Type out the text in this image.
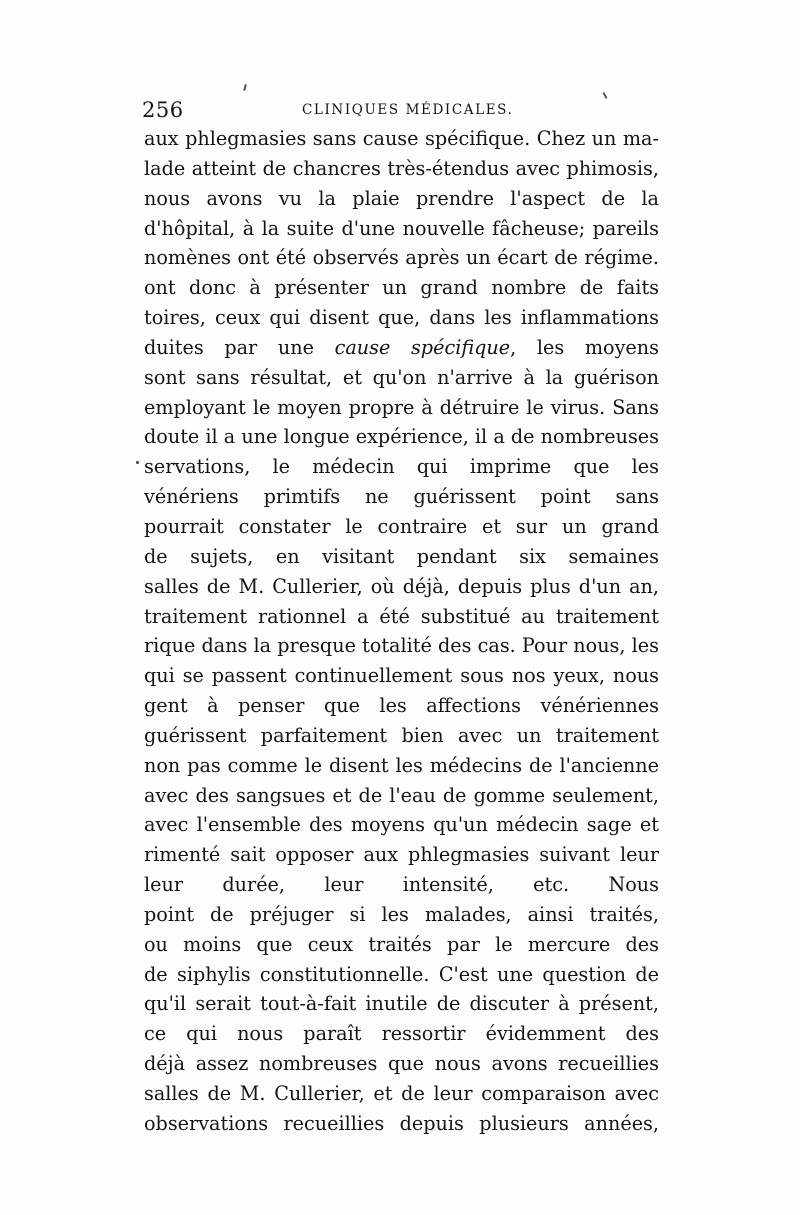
256	CLINIQUES MÉDICALES.
aux phlegmasies sans cause spécifique. Chez un ma-
lade atteint de chancres très-étendus avec phimosis,
nous avons vu la plaie prendre l'aspect de la
d'hôpital, à la suite d'une nouvelle fâcheuse; pareils
nomènes ont été observés après un écart de régime.
ont donc à présenter un grand nombre de faits
toires, ceux qui disent que, dans les inflammations
duites par une cause spécifique, les moyens
sont sans résultat, et qu'on n'arrive à la guérison
employant le moyen propre à détruire le virus. Sans
doute il a une longue expérience, il a de nombreuses
servations, le médecin qui imprime que les
vénériens primtifs ne guérissent point sans
pourrait constater le contraire et sur un grand
de sujets, en visitant pendant six semaines
salles de M. Cullerier, où déjà, depuis plus d'un an,
traitement rationnel a été substitué au traitement
rique dans la presque totalité des cas. Pour nous, les
qui se passent continuellement sous nos yeux, nous
gent à penser que les affections vénériennes
guérissent parfaitement bien avec un traitement
non pas comme le disent les médecins de l'ancienne
avec des sangsues et de l'eau de gomme seulement,
avec l'ensemble des moyens qu'un médecin sage et
rimenté sait opposer aux phlegmasies suivant leur
leur durée, leur intensité, etc. Nous
point de préjuger si les malades, ainsi traités,
ou moins que ceux traités par le mercure des
de siphylis constitutionnelle. C'est une question de
qu'il serait tout-à-fait inutile de discuter à présent,
ce qui nous paraît ressortir évidemment des
déjà assez nombreuses que nous avons recueillies
salles de M. Cullerier, et de leur comparaison avec
observations recueillies depuis plusieurs années,
